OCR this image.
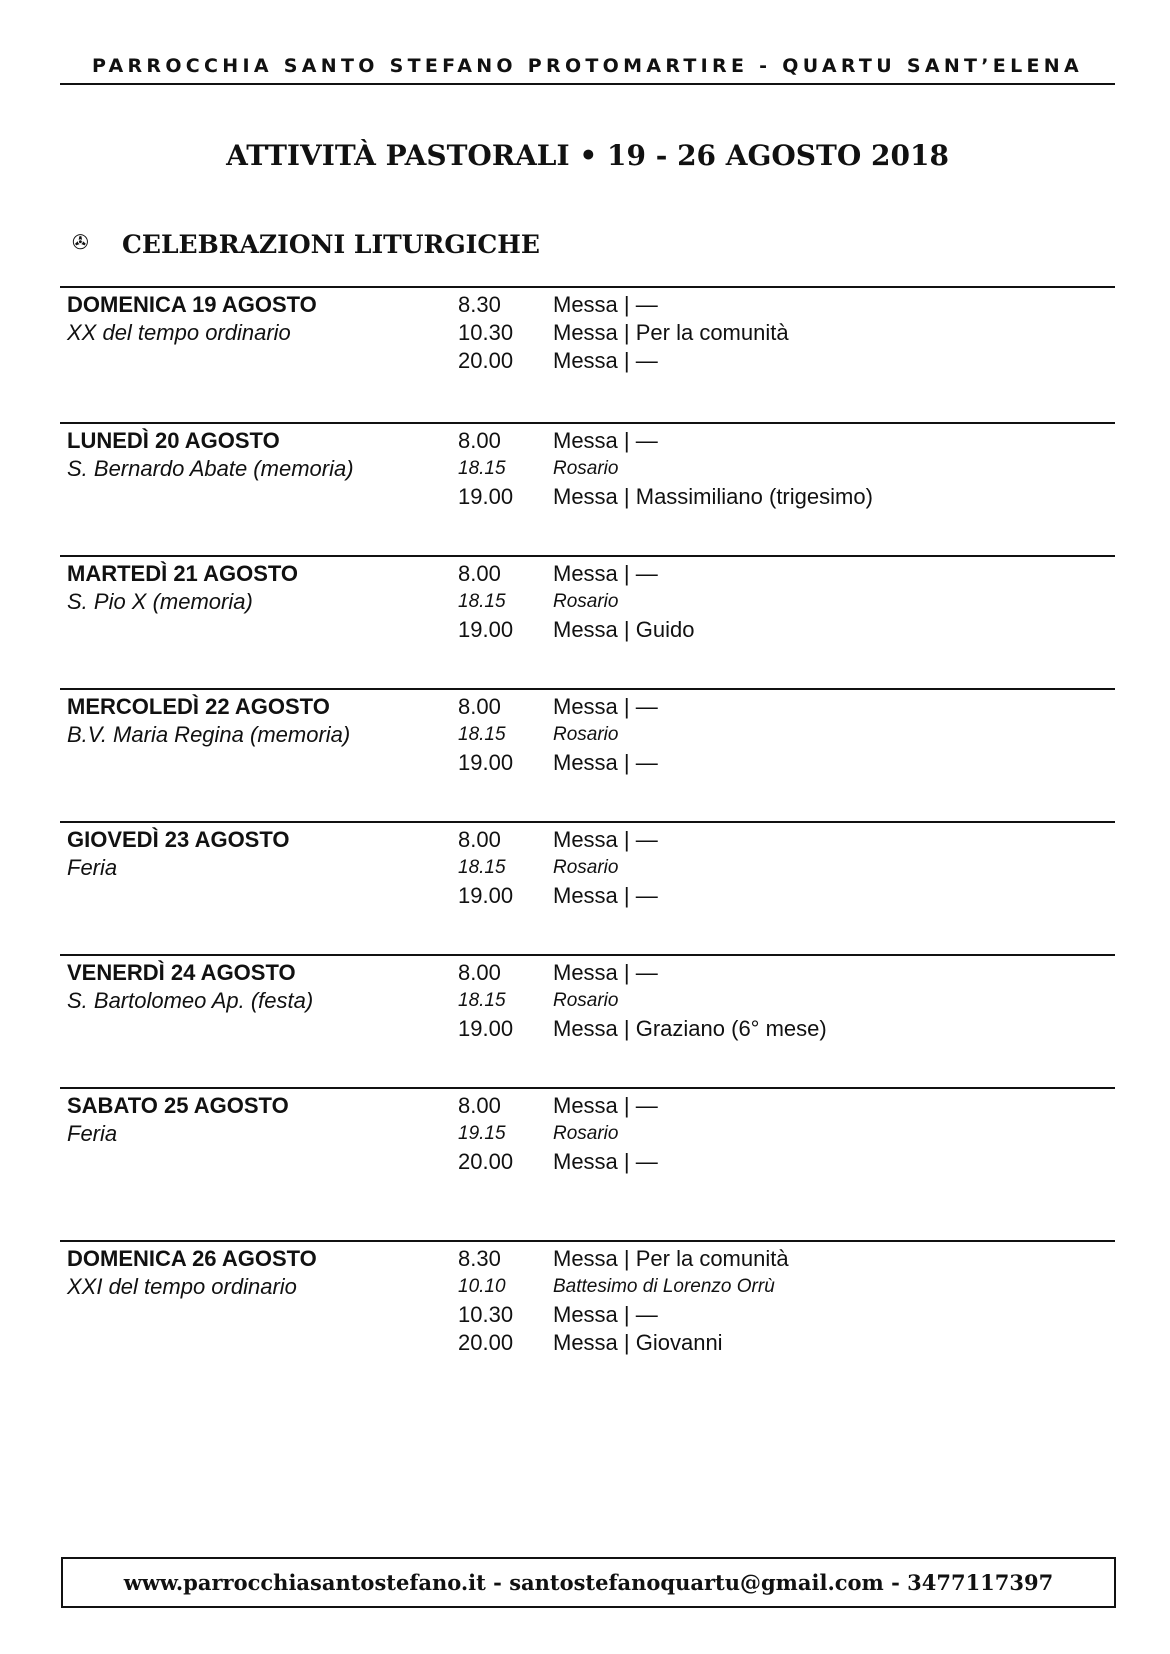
PARROCCHIA SANTO STEFANO PROTOMARTIRE - QUARTU SANT’ELENA
ATTIVITÀ PASTORALI • 19 - 26 AGOSTO 2018
✇ CELEBRAZIONI LITURGICHE
DOMENICA 19 AGOSTO
XX del tempo ordinario
8.30	Messa | —
10.30	Messa | Per la comunità
20.00	Messa | —
LUNEDÌ 20 AGOSTO
S. Bernardo Abate (memoria)
8.00	Messa | —
18.15	Rosario
19.00	Messa | Massimiliano (trigesimo)
MARTEDÌ 21 AGOSTO
S. Pio X (memoria)
8.00	Messa | —
18.15	Rosario
19.00	Messa | Guido
MERCOLEDÌ 22 AGOSTO
B.V. Maria Regina (memoria)
8.00	Messa | —
18.15	Rosario
19.00	Messa | —
GIOVEDÌ 23 AGOSTO
Feria
8.00	Messa | —
18.15	Rosario
19.00	Messa | —
VENERDÌ 24 AGOSTO
S. Bartolomeo Ap. (festa)
8.00	Messa | —
18.15	Rosario
19.00	Messa | Graziano (6° mese)
SABATO 25 AGOSTO
Feria
8.00	Messa | —
19.15	Rosario
20.00	Messa | —
DOMENICA 26 AGOSTO
XXI del tempo ordinario
8.30	Messa | Per la comunità
10.10	Battesimo di Lorenzo Orrù
10.30	Messa | —
20.00	Messa | Giovanni
www.parrocchiasantostefano.it - santostefanoquartu@gmail.com - 3477117397
